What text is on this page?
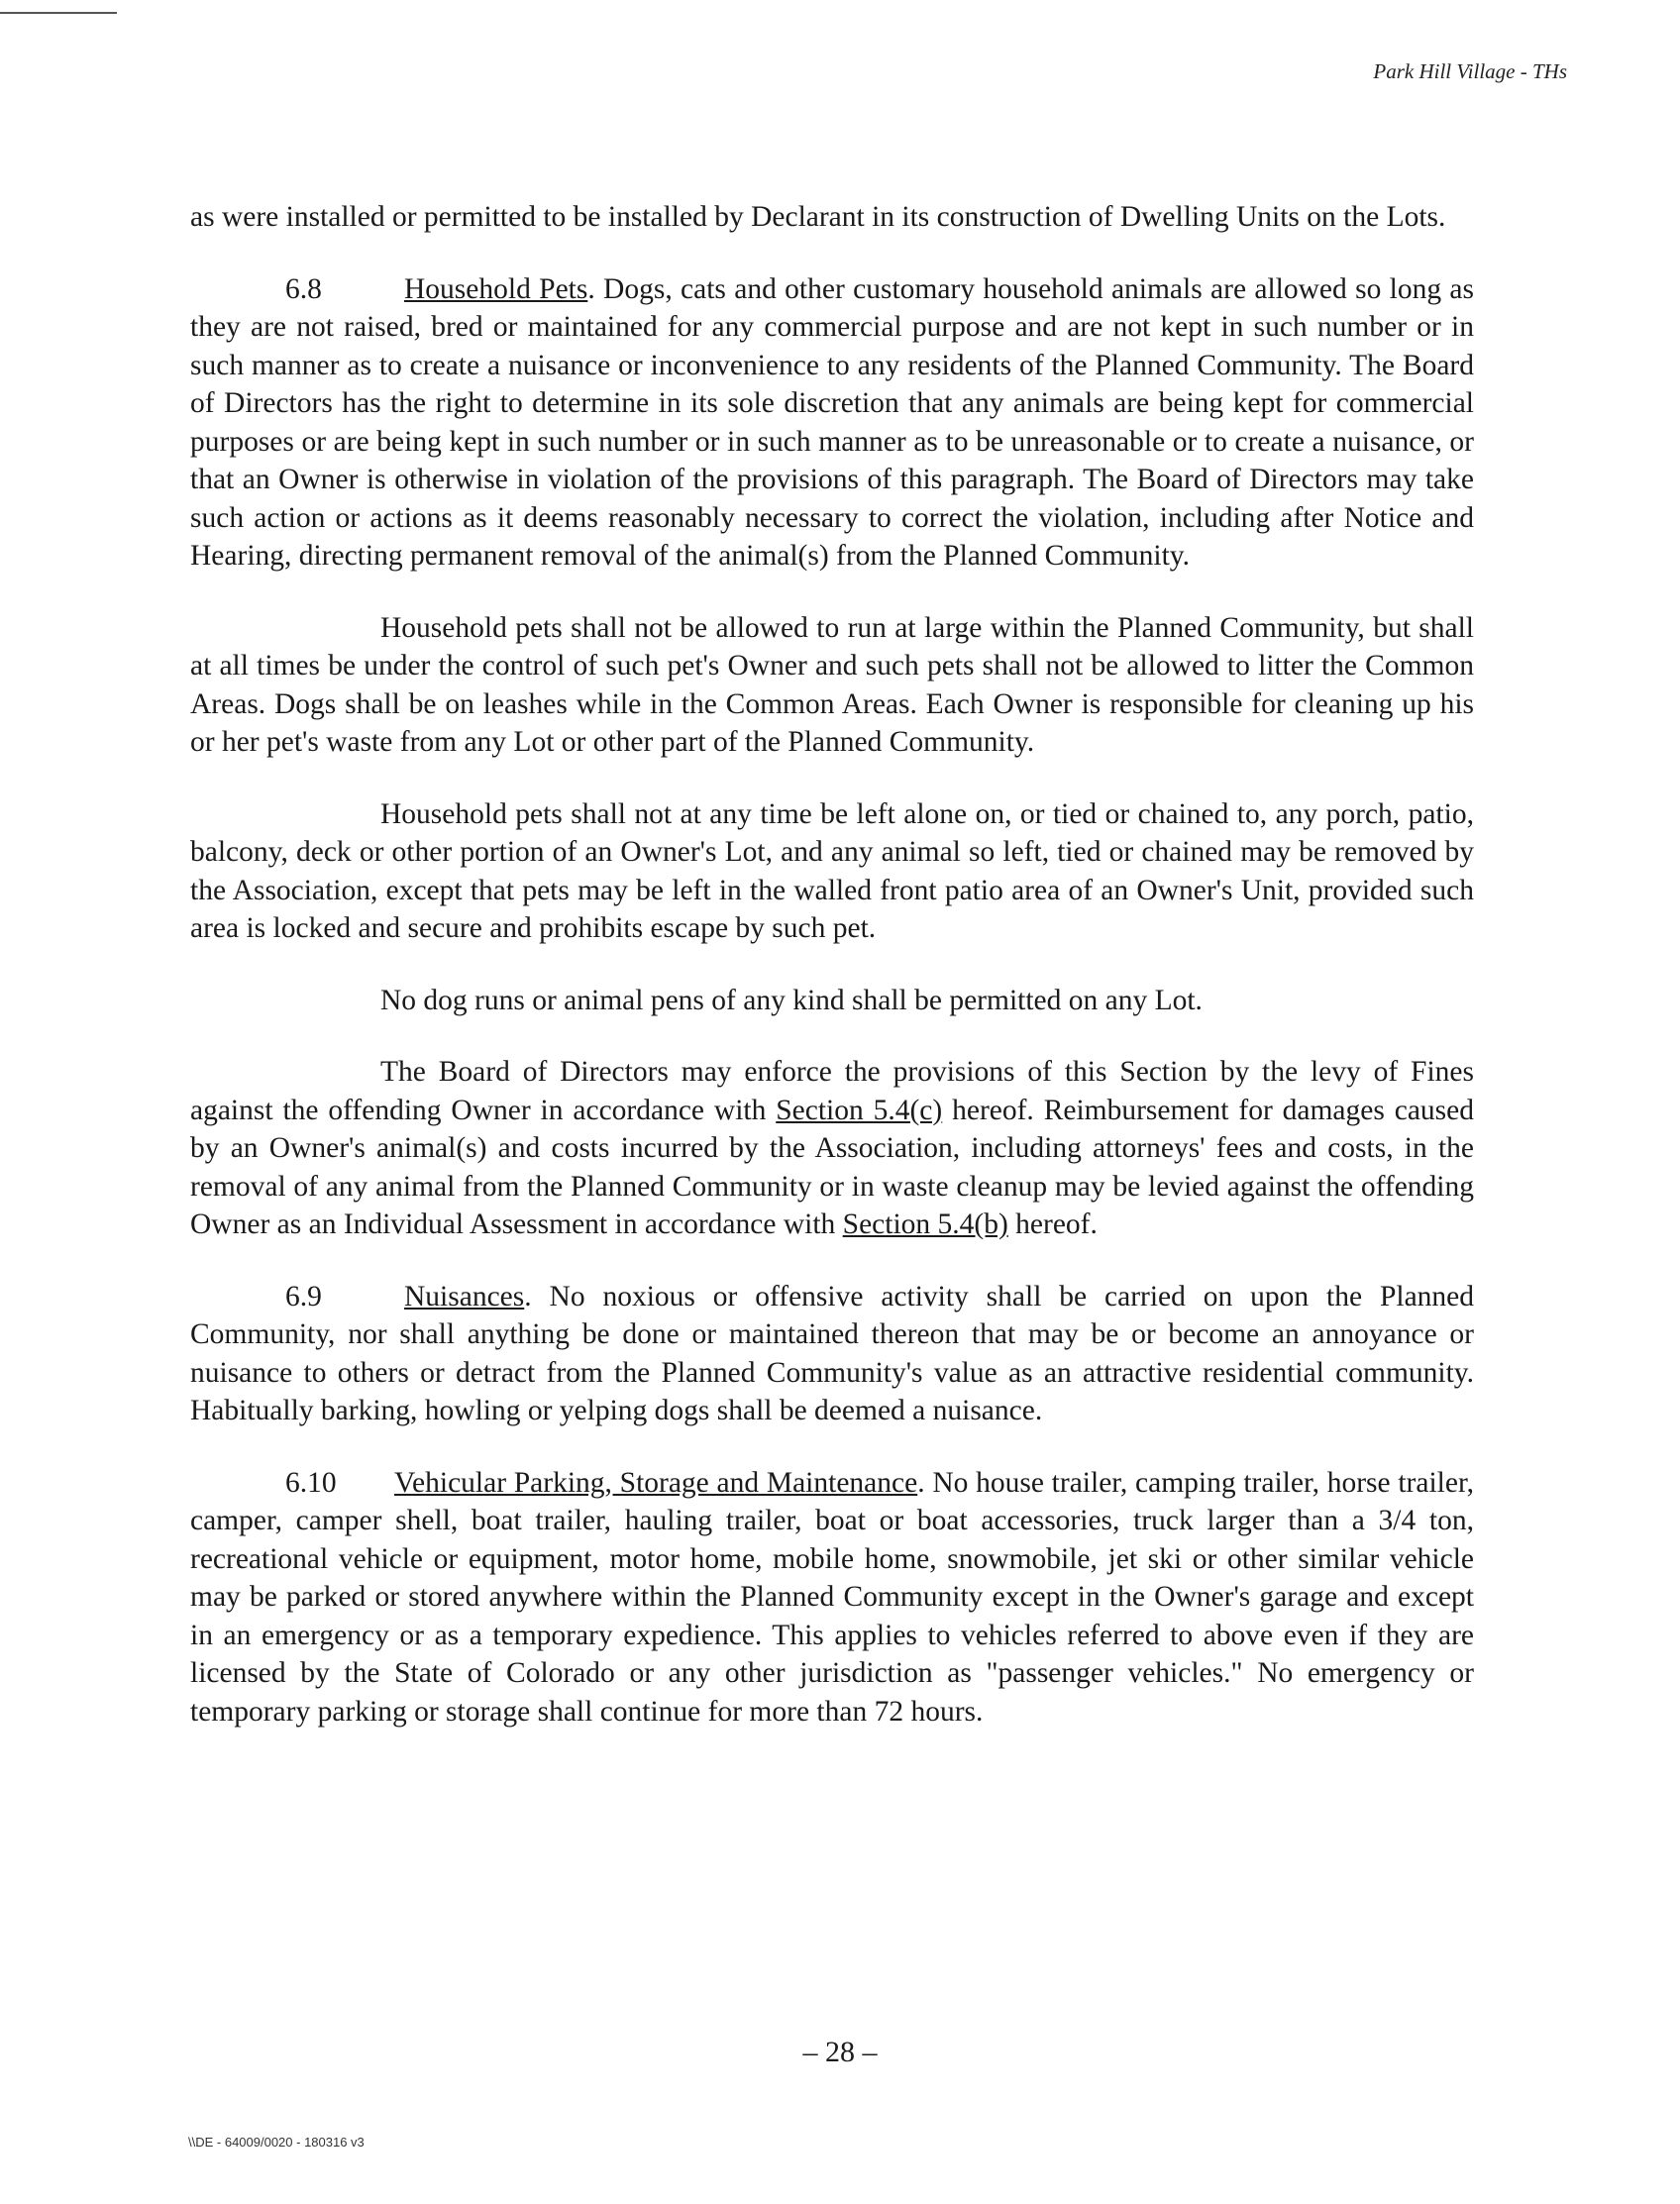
Park Hill Village - THs

as were installed or permitted to be installed by Declarant in its construction of Dwelling Units on the Lots.

6.8	Household Pets. Dogs, cats and other customary household animals are allowed so long as they are not raised, bred or maintained for any commercial purpose and are not kept in such number or in such manner as to create a nuisance or inconvenience to any residents of the Planned Community. The Board of Directors has the right to determine in its sole discretion that any animals are being kept for commercial purposes or are being kept in such number or in such manner as to be unreasonable or to create a nuisance, or that an Owner is otherwise in violation of the provisions of this paragraph. The Board of Directors may take such action or actions as it deems reasonably necessary to correct the violation, including after Notice and Hearing, directing permanent removal of the animal(s) from the Planned Community.

Household pets shall not be allowed to run at large within the Planned Community, but shall at all times be under the control of such pet's Owner and such pets shall not be allowed to litter the Common Areas. Dogs shall be on leashes while in the Common Areas. Each Owner is responsible for cleaning up his or her pet's waste from any Lot or other part of the Planned Community.

Household pets shall not at any time be left alone on, or tied or chained to, any porch, patio, balcony, deck or other portion of an Owner's Lot, and any animal so left, tied or chained may be removed by the Association, except that pets may be left in the walled front patio area of an Owner's Unit, provided such area is locked and secure and prohibits escape by such pet.

No dog runs or animal pens of any kind shall be permitted on any Lot.

The Board of Directors may enforce the provisions of this Section by the levy of Fines against the offending Owner in accordance with Section 5.4(c) hereof. Reimbursement for damages caused by an Owner's animal(s) and costs incurred by the Association, including attorneys' fees and costs, in the removal of any animal from the Planned Community or in waste cleanup may be levied against the offending Owner as an Individual Assessment in accordance with Section 5.4(b) hereof.

6.9	Nuisances. No noxious or offensive activity shall be carried on upon the Planned Community, nor shall anything be done or maintained thereon that may be or become an annoyance or nuisance to others or detract from the Planned Community's value as an attractive residential community. Habitually barking, howling or yelping dogs shall be deemed a nuisance.

6.10 Vehicular Parking, Storage and Maintenance. No house trailer, camping trailer, horse trailer, camper, camper shell, boat trailer, hauling trailer, boat or boat accessories, truck larger than a 3/4 ton, recreational vehicle or equipment, motor home, mobile home, snowmobile, jet ski or other similar vehicle may be parked or stored anywhere within the Planned Community except in the Owner's garage and except in an emergency or as a temporary expedience. This applies to vehicles referred to above even if they are licensed by the State of Colorado or any other jurisdiction as "passenger vehicles." No emergency or temporary parking or storage shall continue for more than 72 hours.

– 28 –
\\DE - 64009/0020 - 180316 v3
